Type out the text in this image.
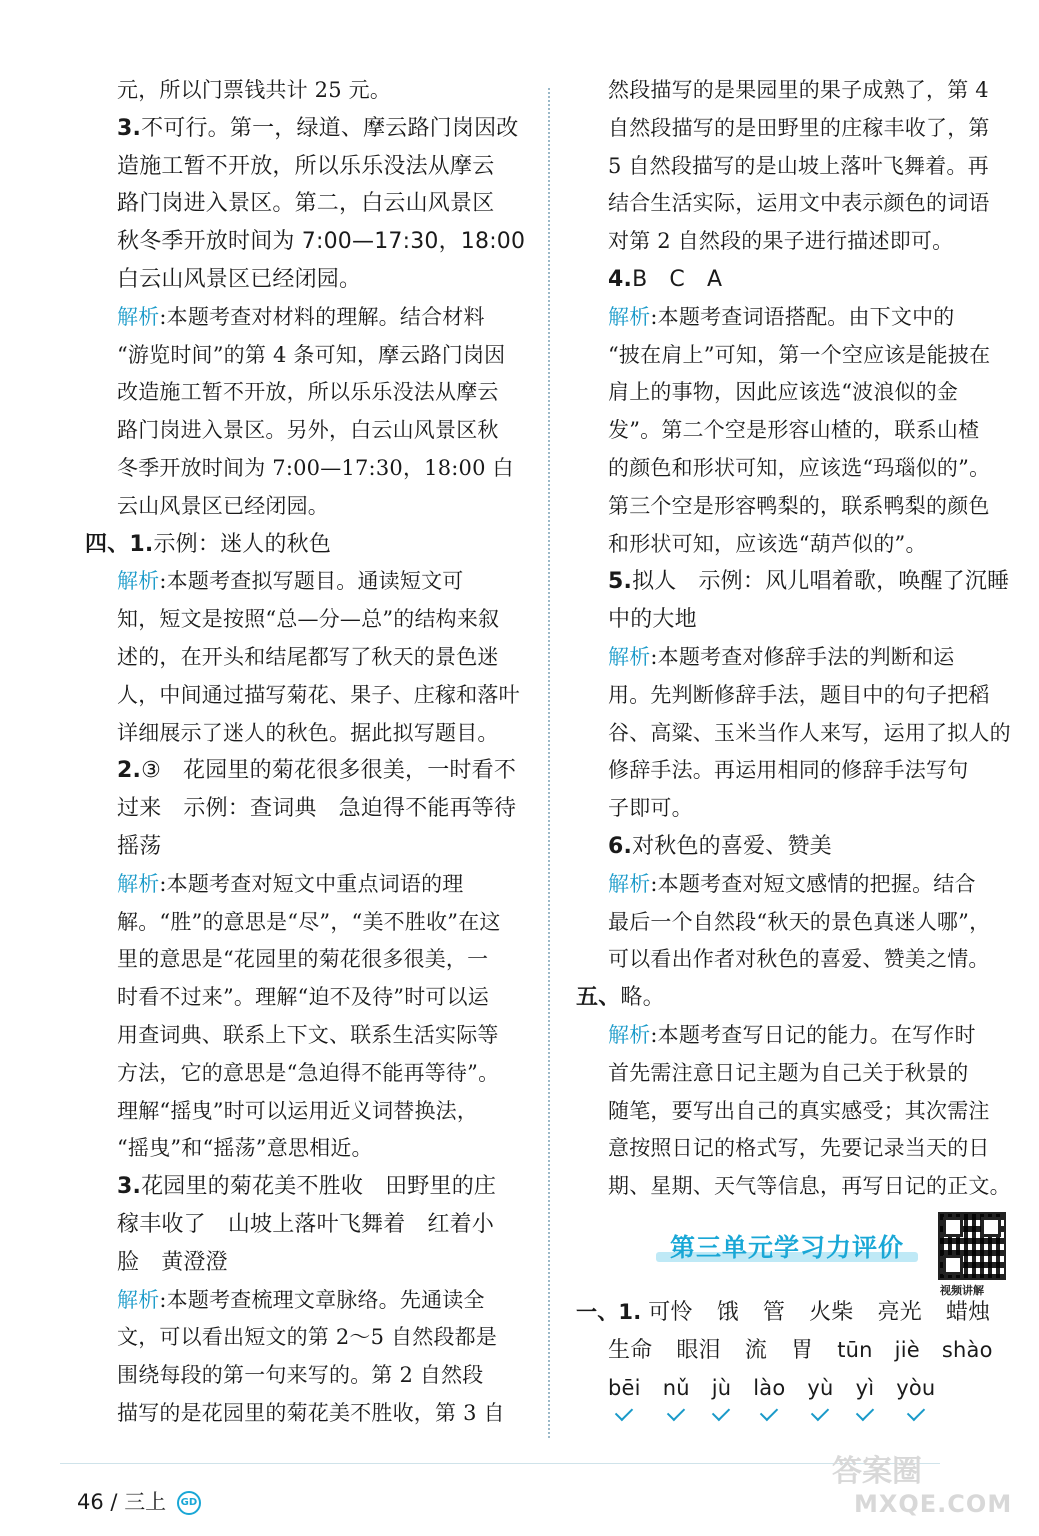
元，所以门票钱共计 25 元。
3.不可行。第一，绿道、摩云路门岗因改
造施工暂不开放，所以乐乐没法从摩云
路门岗进入景区。第二，白云山风景区
秋冬季开放时间为 7:00—17:30，18:00
白云山风景区已经闭园。
解析:本题考查对材料的理解。结合材料
“游览时间”的第 4 条可知，摩云路门岗因
改造施工暂不开放，所以乐乐没法从摩云
路门岗进入景区。另外，白云山风景区秋
冬季开放时间为 7:00—17:30，18:00 白
云山风景区已经闭园。
四、1.示例：迷人的秋色
解析:本题考查拟写题目。通读短文可
知，短文是按照“总—分—总”的结构来叙
述的，在开头和结尾都写了秋天的景色迷
人，中间通过描写菊花、果子、庄稼和落叶
详细展示了迷人的秋色。据此拟写题目。
2.③ 花园里的菊花很多很美，一时看不
过来 示例：查词典 急迫得不能再等待
摇荡
解析:本题考查对短文中重点词语的理
解。“胜”的意思是“尽”，“美不胜收”在这
里的意思是“花园里的菊花很多很美，一
时看不过来”。理解“迫不及待”时可以运
用查词典、联系上下文、联系生活实际等
方法，它的意思是“急迫得不能再等待”。
理解“摇曳”时可以运用近义词替换法，
“摇曳”和“摇荡”意思相近。
3.花园里的菊花美不胜收 田野里的庄
稼丰收了 山坡上落叶飞舞着 红着小
脸 黄澄澄
解析:本题考查梳理文章脉络。先通读全
文，可以看出短文的第 2～5 自然段都是
围绕每段的第一句来写的。第 2 自然段
描写的是花园里的菊花美不胜收，第 3 自
然段描写的是果园里的果子成熟了，第 4
自然段描写的是田野里的庄稼丰收了，第
5 自然段描写的是山坡上落叶飞舞着。再
结合生活实际，运用文中表示颜色的词语
对第 2 自然段的果子进行描述即可。
4.B C A
解析:本题考查词语搭配。由下文中的
“披在肩上”可知，第一个空应该是能披在
肩上的事物，因此应该选“波浪似的金
发”。第二个空是形容山楂的，联系山楂
的颜色和形状可知，应该选“玛瑙似的”。
第三个空是形容鸭梨的，联系鸭梨的颜色
和形状可知，应该选“葫芦似的”。
5.拟人 示例：风儿唱着歌，唤醒了沉睡
中的大地
解析:本题考查对修辞手法的判断和运
用。先判断修辞手法，题目中的句子把稻
谷、高粱、玉米当作人来写，运用了拟人的
修辞手法。再运用相同的修辞手法写句
子即可。
6.对秋色的喜爱、赞美
解析:本题考查对短文感情的把握。结合
最后一个自然段“秋天的景色真迷人哪”，
可以看出作者对秋色的喜爱、赞美之情。
五、略。
解析:本题考查写日记的能力。在写作时
首先需注意日记主题为自己关于秋景的
随笔，要写出自己的真实感受；其次需注
意按照日记的格式写，先要记录当天的日
期、星期、天气等信息，再写日记的正文。
第三单元学习力评价
视频讲解
一、1. 可怜 饿 管 火柴 亮光 蜡烛
生命 眼泪 流 胃 tūn jiè shào
bēi nǔ jù lào yù yì yòu
46 / 三上 GD
答案圈
MXQE.COM
